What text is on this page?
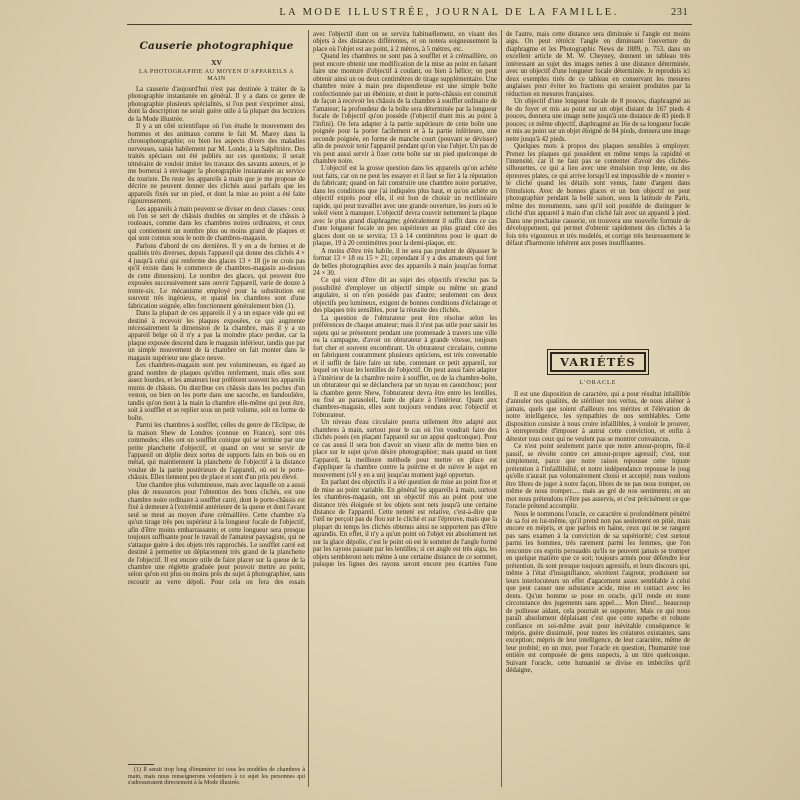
LA MODE ILLUSTRÉE, JOURNAL DE LA FAMILLE.	231
Causerie photographique
XV
LA PHOTOGRAPHIE AU MOYEN D'APPAREILS A MAIN

La causerie d'aujourd'hui n'est pas destinée à traiter de la photographie instantanée en général. Il y a dans ce genre de photographie plusieurs spécialités, si l'on peut s'exprimer ainsi, dont la description ne serait guère utile à la plupart des lectrices de la Mode illustrée.

Il y a un côté scientifique où l'on étudie le mouvement des hommes et des animaux comme le fait M. Marey dans la chronophotographie; ou bien les aspects divers des maladies nerveuses, saisis habilement par M. Londe, à la Salpêtrière. Des traités spéciaux ont été publiés sur ces questions; il serait téméraire de vouloir imiter les travaux des savants auteurs, et je me bornerai à envisager la photographie instantanée au service du touriste. Du reste les appareils à main que je me propose de décrire ne peuvent donner des clichés aussi parfaits que les appareils fixés sur un pied, et dont la mise au point a été faite rigoureusement.

Les appareils à main peuvent se diviser en deux classes : ceux où l'on se sert de châssis doubles ou simples et de châssis à rouleaux, comme dans les chambres noires ordinaires, et ceux qui contiennent un nombre plus ou moins grand de plaques et qui sont connus sous le nom de chambres-magasin.

Parlons d'abord de ces dernières. Il y en a de formes et de qualités très diverses, depuis l'appareil qui donne des clichés 4 × 4 jusqu'à celui qui renferme des glaces 13 × 18 (je ne crois pas qu'il existe dans le commerce de chambres-magasin au-dessus de cette dimension). Le nombre des glaces, qui peuvent être exposées successivement sans ouvrir l'appareil, varie de douze à trente-six. Le mécanisme employé pour la substitution est souvent très ingénieux, et quand les chambres sont d'une fabrication soignée, elles fonctionnent généralement bien (1).

Dans la plupart de ces appareils il y a un espace vide qui est destiné à recevoir les plaques exposées, ce qui augmente nécessairement la dimension de la chambre, mais il y a un appareil belge où il n'y a pas la moindre place perdue, car la plaque exposée descend dans le magasin inférieur, tandis que par un simple mouvement de la chambre on fait monter dans le magasin supérieur une glace neuve.

Les chambres-magasin sont peu volumineuses, eu égard au grand nombre de plaques qu'elles renferment, mais elles sont assez lourdes, et les amateurs leur préfèrent souvent les appareils munis de châssis. On distribue ces châssis dans les poches d'un veston, ou bien on les porte dans une sacoche, en bandoulière, tandis qu'on tient à la main la chambre elle-même qui peut être, soit à soufflet et se replier sous un petit volume, soit en forme de boîte.

Parmi les chambres à soufflet, celles du genre de l'Eclipse, de la maison Shew de Londres (connue en France), sont très commodes; elles ont un soufflet conique qui se termine par une petite planchette d'objectif, et quand on veut se servir de l'appareil on déplie deux sortes de supports faits en bois ou en métal, qui maintiennent la planchette de l'objectif à la distance voulue de la partie postérieure de l'appareil, où est le porte-châssis. Elles tiennent peu de place et sont d'un prix peu élevé.

Une chambre plus volumineuse, mais avec laquelle on a aussi plus de ressources pour l'obtention des bons clichés, est une chambre noire ordinaire à soufflet carré, dont le porte-châssis est fixé à demeure à l'extrémité antérieure de la queue et dont l'avant seul se meut au moyen d'une crémaillère. Cette chambre n'a qu'un tirage très peu supérieur à la longueur focale de l'objectif, afin d'être moins embarrassante; et cette longueur sera presque toujours suffisante pour le travail de l'amateur paysagiste, qui ne s'attaque guère à des objets très rapprochés. Le soufflet carré est destiné à permettre un déplacement très grand de la planchette de l'objectif. Il est encore utile de faire placer sur la queue de la chambre une réglette graduée pour pouvoir mettre au point, selon qu'on est plus ou moins près du sujet à photographier, sans recourir au verre dépoli. Pour cela on fera des essais

(1) Il serait trop long d'énumérer ici tous les modèles de chambres à main, mais nous renseignerons volontiers à ce sujet les personnes qui s'adresseraient directement à la Mode illustrée.

avec l'objectif dont on se servira habituellement, en visant des objets à des distances différentes, et on notera soigneusement la place où l'objet est au point, à 2 mètres, à 5 mètres, etc.

Quand les chambres ne sont pas à soufflet et à crémaillère, on peut encore obtenir une modification de la mise au point en faisant faire une monture d'objectif à coulant, ou bien à hélice; on peut obtenir ainsi un ou deux centimètres de tirage supplémentaire. Une chambre noire à main peu dispendieuse est une simple boîte confectionnée par un ébéniste, et dont le porte-châssis est construit de façon à recevoir les châssis de la chambre à soufflet ordinaire de l'amateur; la profondeur de la boîte sera déterminée par la longueur focale de l'objectif qu'on possède (l'objectif étant mis au point à l'infini). On fera adapter à la partie supérieure de cette boîte une poignée pour la porter facilement et à la partie inférieure, une seconde poignée, en forme de manche court (pouvant se dévisser) afin de pouvoir tenir l'appareil pendant qu'on vise l'objet. Un pas de vis peut aussi servir à fixer cette boîte sur un pied quelconque de chambre noire.

L'objectif est la grosse question dans les appareils qu'on achète tout faits, car on ne peut les essayer et il faut se fier à la réputation du fabricant; quand on fait construire une chambre noire portative, dans les conditions que j'ai indiquées plus haut, et qu'on achète un objectif exprès pour elle, il est bon de choisir un rectilinéaire rapide, qui peut travailler avec une grande ouverture, les jours où le soleil vient à manquer. L'objectif devra couvrir nettement la plaque avec le plus grand diaphragme; généralement il suffit dans ce cas d'une longueur focale un peu supérieure au plus grand côté des glaces dont on se servira; 13 à 14 centimètres pour le quart de plaque, 19 à 20 centimètres pour la demi-plaque, etc.

A moins d'être très habile, il ne sera pas prudent de dépasser le format 13 × 18 ou 15 × 21; cependant il y a des amateurs qui font de belles photographies avec des appareils à main jusqu'au format 24 × 30.

Ce qui vient d'être dit au sujet des objectifs n'exclut pas la possibilité d'employer un objectif simple ou même un grand angulaire, si on n'en possède pas d'autre; seulement ces deux objectifs peu lumineux, exigent de bonnes conditions d'éclairage et des plaques très sensibles, pour la réussite des clichés.

La question de l'obturateur peut être résolue selon les préférences de chaque amateur; mais il n'est pas utile pour saisir les sujets qui se présentent pendant une promenade à travers une ville ou la campagne, d'avoir un obturateur à grande vitesse, toujours fort cher et souvent encombrant. Un obturateur circulaire, comme en fabriquent couramment plusieurs opticiens, est très convenable et il suffit de faire faire un tube, contenant ce petit appareil, sur lequel on visse les lentilles de l'objectif. On peut aussi faire adapter à l'intérieur de la chambre noire à soufflet, ou de la chambre-boîte, un obturateur qui se déclanchera par un tuyau en caoutchouc; pour la chambre genre Shew, l'obturateur devra être entre les lentilles, ou fixé au parasoleil, faute de place à l'intérieur. Quant aux chambres-magasin, elles sont toujours vendues avec l'objectif et l'obturateur.

Un niveau d'eau circulaire pourra utilement être adapté aux chambres à main, surtout pour le cas où l'on voudrait faire des clichés posés (en plaçant l'appareil sur un appui quelconque). Pour ce cas aussi il sera bon d'avoir un viseur afin de mettre bien en place sur le sujet qu'on désire photographier; mais quand on tient l'appareil, la meilleure méthode pour mettre en place est d'appliquer la chambre contre la poitrine et de suivre le sujet en mouvement (s'il y en a un) jusqu'au moment jugé opportun.

En parlant des objectifs il a été question de mise au point fixe et de mise au point variable. En général les appareils à main, surtout les chambres-magasin, ont un objectif mis au point pour une distance très éloignée et les objets sont nets jusqu'à une certaine distance de l'appareil. Cette netteté est relative, c'est-à-dire que l'œil ne perçoit pas de flou sur le cliché et sur l'épreuve, mais que la plupart du temps les clichés obtenus ainsi ne supportent pas d'être agrandis. En effet, il n'y a qu'un point où l'objet est absolument net sur la glace dépolie, c'est le point où est le sommet de l'angle formé par les rayons passant par les lentilles; si cet angle est très aigu, les objets sembleront nets même à une certaine distance de ce sommet, puisque les lignes des rayons seront encore peu écartées l'une

de l'autre, mais cette distance sera diminuée si l'angle est moins aigu. On peut rétrécir l'angle en diminuant l'ouverture du diaphragme et les Photographic News de 1889, p. 753, dans un excellent article de M. W. Cheyney, donnent un tableau très intéressant au sujet des images nettes à une distance déterminée, avec un objectif d'une longueur focale déterminée. Je reproduis ici deux exemples tirés de ce tableau en conservant les mesures anglaises pour éviter les fractions qui seraient produites par la réduction en mesures françaises.

Un objectif d'une longueur focale de 8 pouces, diaphragmé au 8e du foyer et mis au point sur un objet distant de 167 pieds 4 pouces, donnera une image nette jusqu'à une distance de 83 pieds 8 pouces; ce même objectif, diaphragmé au 16e de sa longueur focale et mis au point sur un objet éloigné de 84 pieds, donnera une image nette jusqu'à 42 pieds.

Quelques mots à propos des plaques sensibles à employer. Prenez les plaques qui possèdent en même temps la rapidité et l'intensité, car il ne faut pas se contenter d'avoir des clichés-silhouettes, ce qui a lieu avec une émulsion trop lente, ou des épreuves plates, ce qui arrive lorsqu'il est impossible de « monter » le cliché quand les détails sont venus, faute d'argent dans l'émulsion. Avec de bonnes glaces et un bon objectif on peut photographier pendant la belle saison, sous la latitude de Paris, même des monuments, sans qu'il soit possible de distinguer le cliché d'un appareil à main d'un cliché fait avec un appareil à pied. Dans une prochaine causerie, on trouvera une nouvelle formule de développement, qui permet d'obtenir rapidement des clichés à la fois très vigoureux et très modelés, et corrige très heureusement le défaut d'harmonie inhérent aux poses insuffisantes.

VARIÉTÉS
L'ORACLE

Il est une disposition de caractère, qui a pour résultat infaillible d'annuler nos qualités, de stériliser nos vertus, de nous aliéner à jamais, quels que soient d'ailleurs nos mérites et l'élévation de notre intelligence, les sympathies de nos semblables. Cette disposition consiste à nous croire infaillibles, à vouloir le prouver, à entreprendre d'imposer à autrui cette conviction, et enfin à détester tous ceux qui ne veulent pas se montrer convaincus.

Ce n'est point seulement parce que notre amour-propre, fût-il passif, se révolte contre cet amour-propre agressif; c'est, tout simplement, parce que notre raison repousse cette injuste prétention à l'infaillibilité, et notre indépendance repousse le joug qu'elle n'aurait pas volontairement choisi et accepté; nous voulons être libres de juger à notre façon, libres de ne pas nous tromper, ou même de nous tromper..... mais au gré de nos sentiments; en un mot nous prétendons n'être pas asservis, et c'est précisément ce que l'oracle prétend accomplir.

Nous le nommons l'oracle, ce caractère si profondément pénétré de sa foi en lui-même, qu'il prend non pas seulement en pitié, mais encore en mépris, et que parfois en haine, ceux qui ne se rangent pas sans examen à la conviction de sa supériorité; c'est surtout parmi les hommes, très rarement parmi les femmes, que l'on rencontre ces esprits persuadés qu'ils ne peuvent jamais se tromper en quelque matière que ce soit; toujours armés pour défendre leur prétention, ils sont presque toujours agressifs, et leurs discours qui, même à l'état d'insignifiance, sécrètent l'aigreur, produisent sur leurs interlocuteurs un effet d'agacement assez semblable à celui que peut causer une substance acide, mise en contact avec les dents. Qu'un homme se pose en oracle, qu'il rende en toute circonstance des jugements sans appel..... Mon Dieu!... beaucoup de politesse aidant, cela pourrait se supporter. Mais ce qui nous paraît absolument déplaisant c'est que cette superbe et robuste confiance en soi-même avait pour inévitable conséquence le mépris, guère dissimulé, pour toutes les créatures existantes, sans exception; mépris de leur intelligence, de leur caractère, même de leur probité; en un mot, pour l'oracle en question, l'humanité tout entière est composée de gens suspects, à un titre quelconque. Suivant l'oracle, cette humanité se divise en imbéciles qu'il dédaigne,
